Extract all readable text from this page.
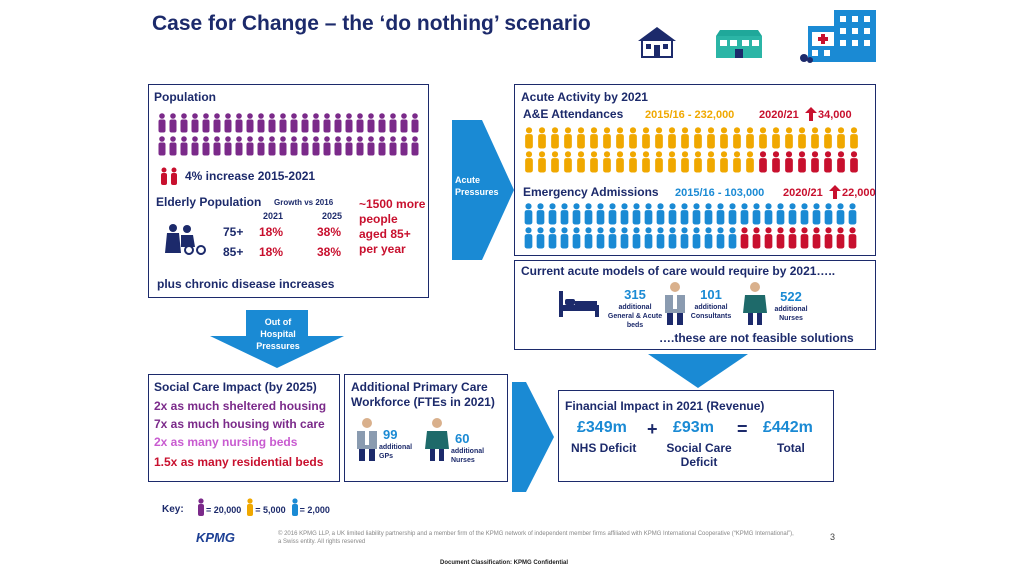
Case for Change – the ‘do nothing’ scenario
Population
4% increase 2015-2021
Elderly Population Growth vs 2016
2021	2025
75+ 18%	38%
85+ 18%	38%
~1500 more people aged 85+ per year
plus chronic disease increases
Acute Pressures
Out of Hospital Pressures
Acute Activity by 2021
A&E Attendances 2015/16 - 232,000 2020/21 34,000
Emergency Admissions 2015/16 - 103,000 2020/21 22,000
Current acute models of care would require by 2021…..
315
additional General & Acute beds
101
additional Consultants
522
additional Nurses
….these are not feasible solutions
Social Care Impact (by 2025)
2x as much sheltered housing
7x as much housing with care
2x as many nursing beds
1.5x as many residential beds
Additional Primary Care Workforce (FTEs in 2021)
99
additional GPs
60
additional Nurses
Financial Impact in 2021 (Revenue)
£349m
NHS Deficit
+ £93m
Social Care Deficit
= £442m
Total
Key: = 20,000 = 5,000 = 2,000
KPMG	© 2016 KPMG LLP, a UK limited liability partnership and a member firm of the KPMG network of independent member firms affiliated with KPMG International Cooperative (“KPMG International”), a Swiss entity. All rights reserved	3
Document Classification: KPMG Confidential
